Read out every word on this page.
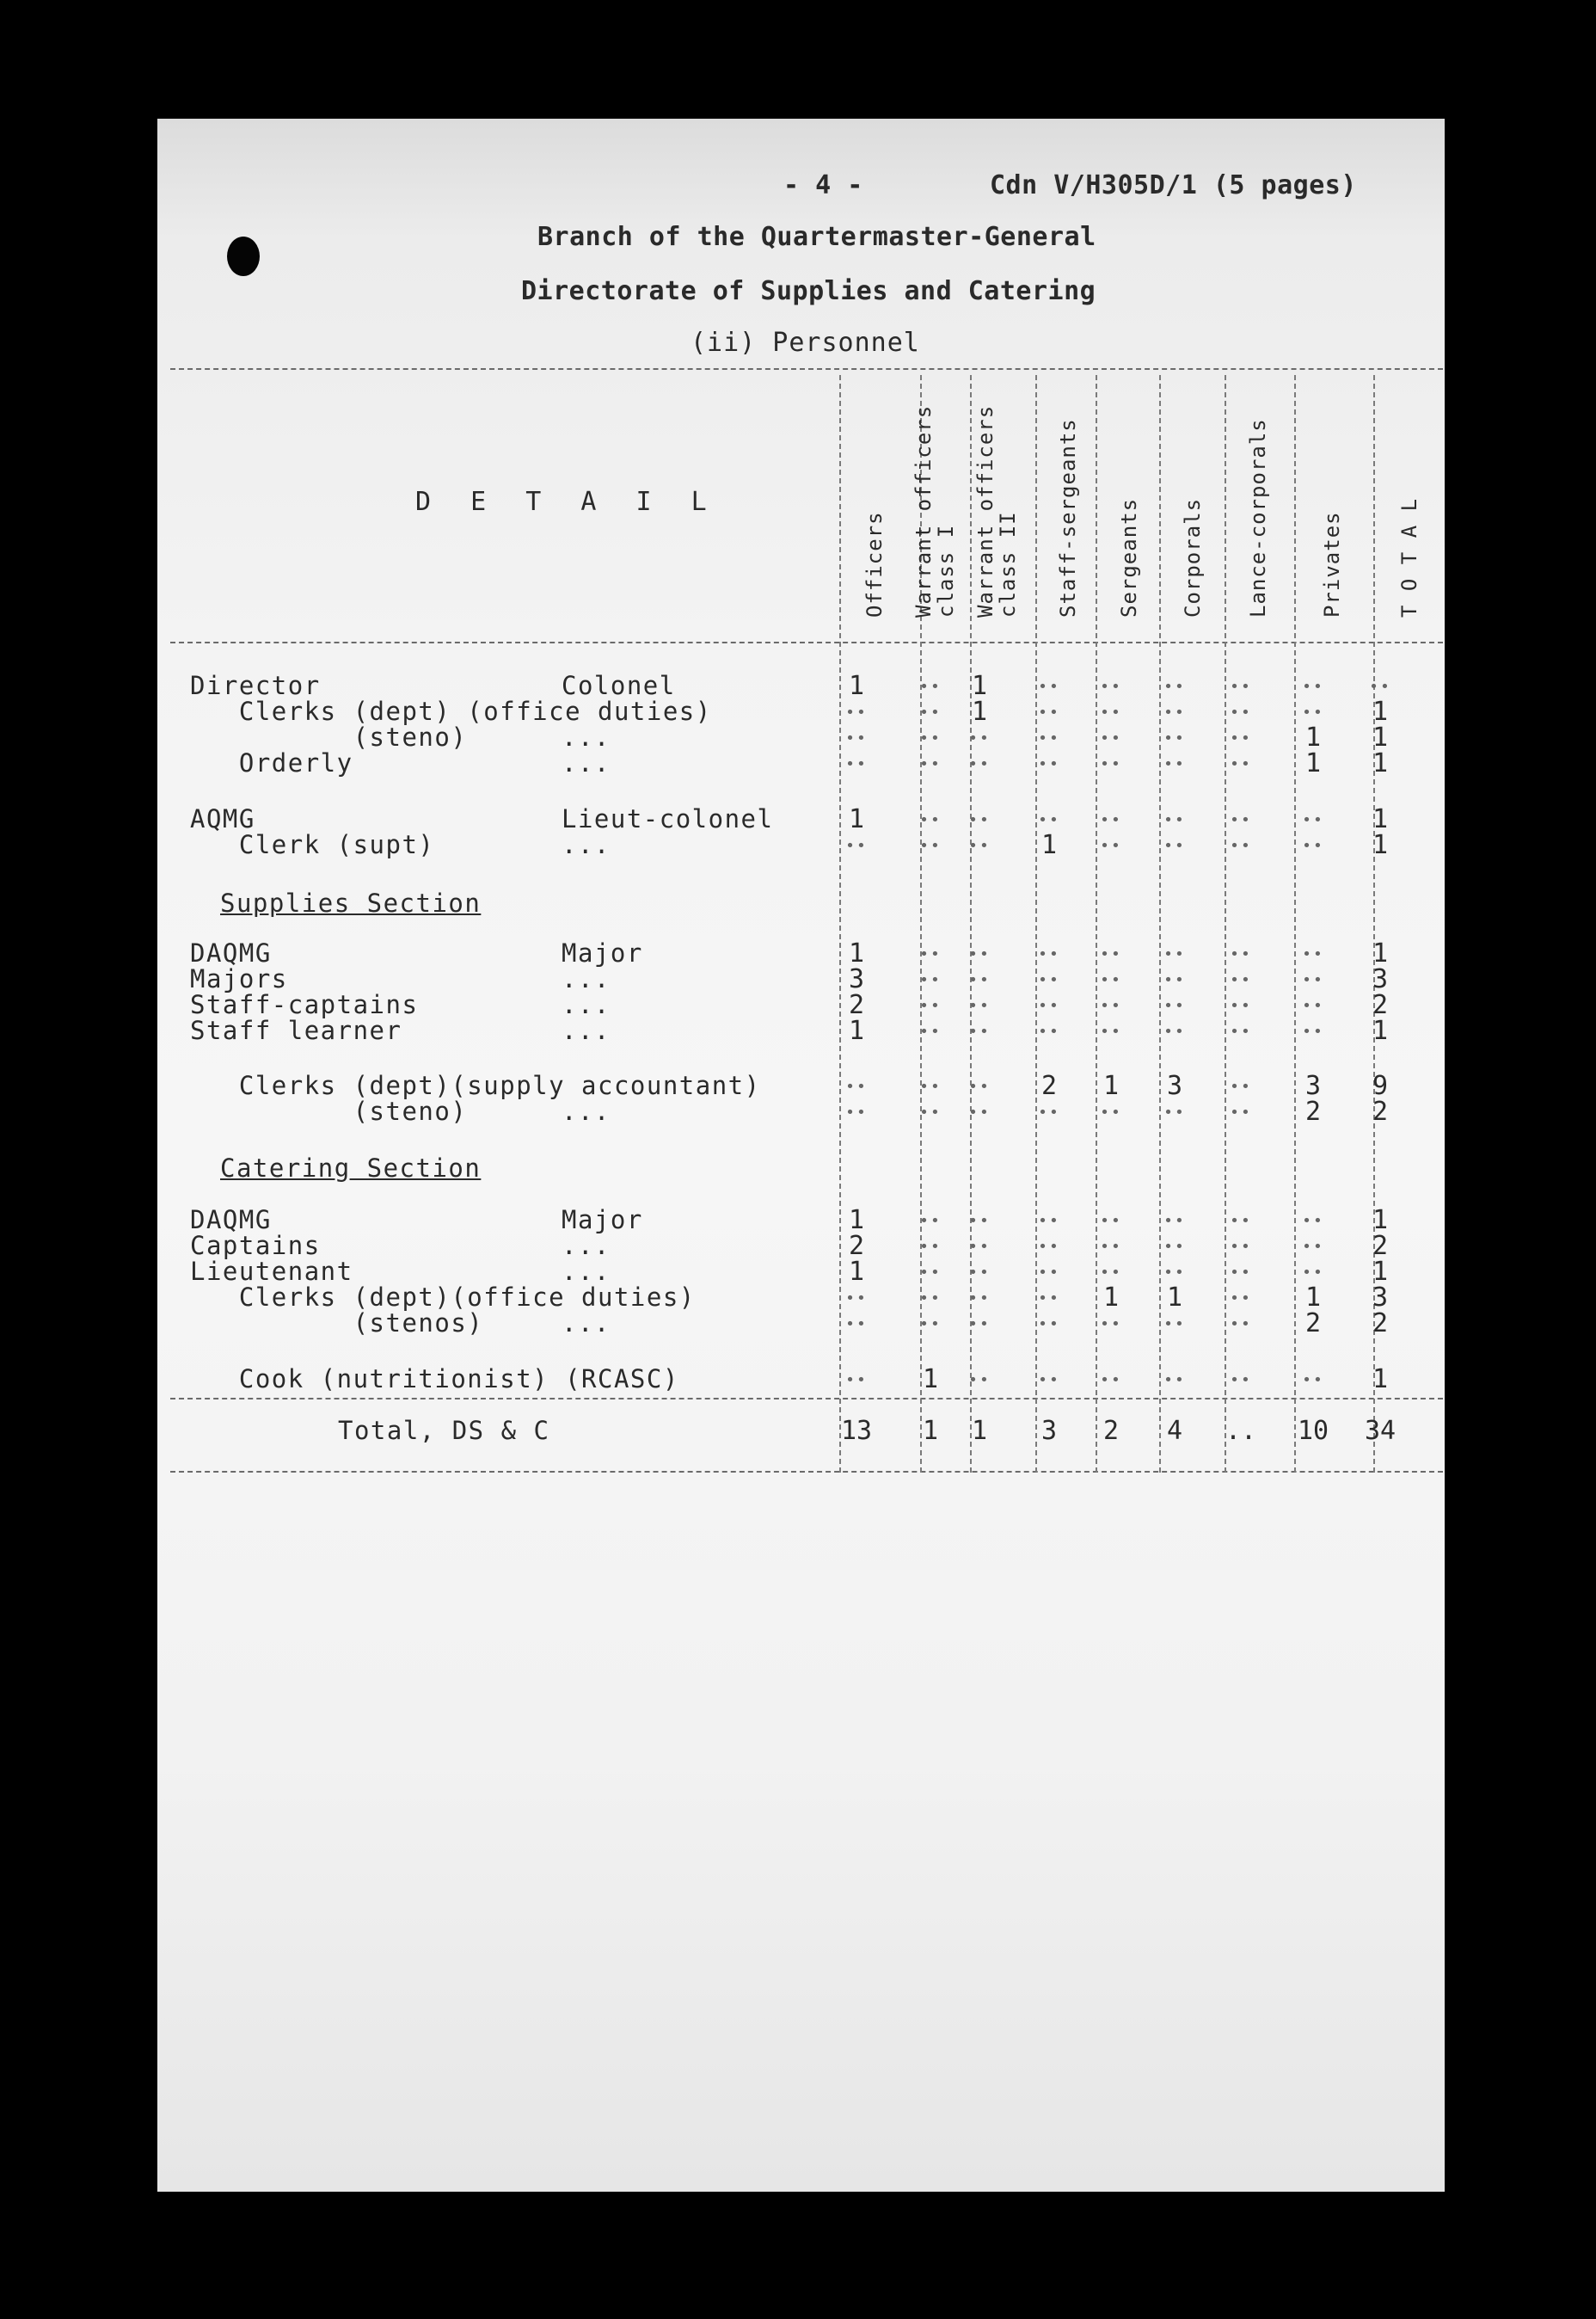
- 4 -	Cdn V/H305D/1 (5 pages)
Branch of the Quartermaster-General
Directorate of Supplies and Catering
(ii) Personnel
D E T A I L
Officers Warrant officers class I Warrant officers class II Staff-sergeants Sergeants Corporals Lance-corporals Privates	T O T A L
Director	Colonel	1	••	1	••	••	••	••	••	••
Clerks (dept) (office duties)	••	••	1	••	••	••	••	••	1
(steno)	...	••	••	••	••	••	••	••	1	1
Orderly	...	••	••	••	••	••	••	••	1	1
AQMG	Lieut-colonel	1	••	••	••	••	••	••	••	1
Clerk (supt)	...	••	••	••	1	••	••	••	••	1
Supplies Section
DAQMG	Major	1	••	••	••	••	••	••	••	1
Majors	...	3	••	••	••	••	••	••	••	3
Staff-captains	...	2	••	••	••	••	••	••	••	2
Staff learner	...	1	••	••	••	••	••	••	••	1
Clerks (dept)(supply accountant)	••	••	••	2	1	3	••	3	9
(steno)	...	••	••	••	••	••	••	••	2	2
Catering Section
DAQMG	Major	1	••	••	••	••	••	••	••	1
Captains	...	2	••	••	••	••	••	••	••	2
Lieutenant	...	1	••	••	••	••	••	••	••	1
Clerks (dept)(office duties)	••	••	••	••	1	1	••	1	3
(stenos)	...	••	••	••	••	••	••	••	2	2
Cook (nutritionist) (RCASC)	••	1	••	••	••	••	••	••	1
Total, DS & C	13	1	1	3	2	4	..	10	34
